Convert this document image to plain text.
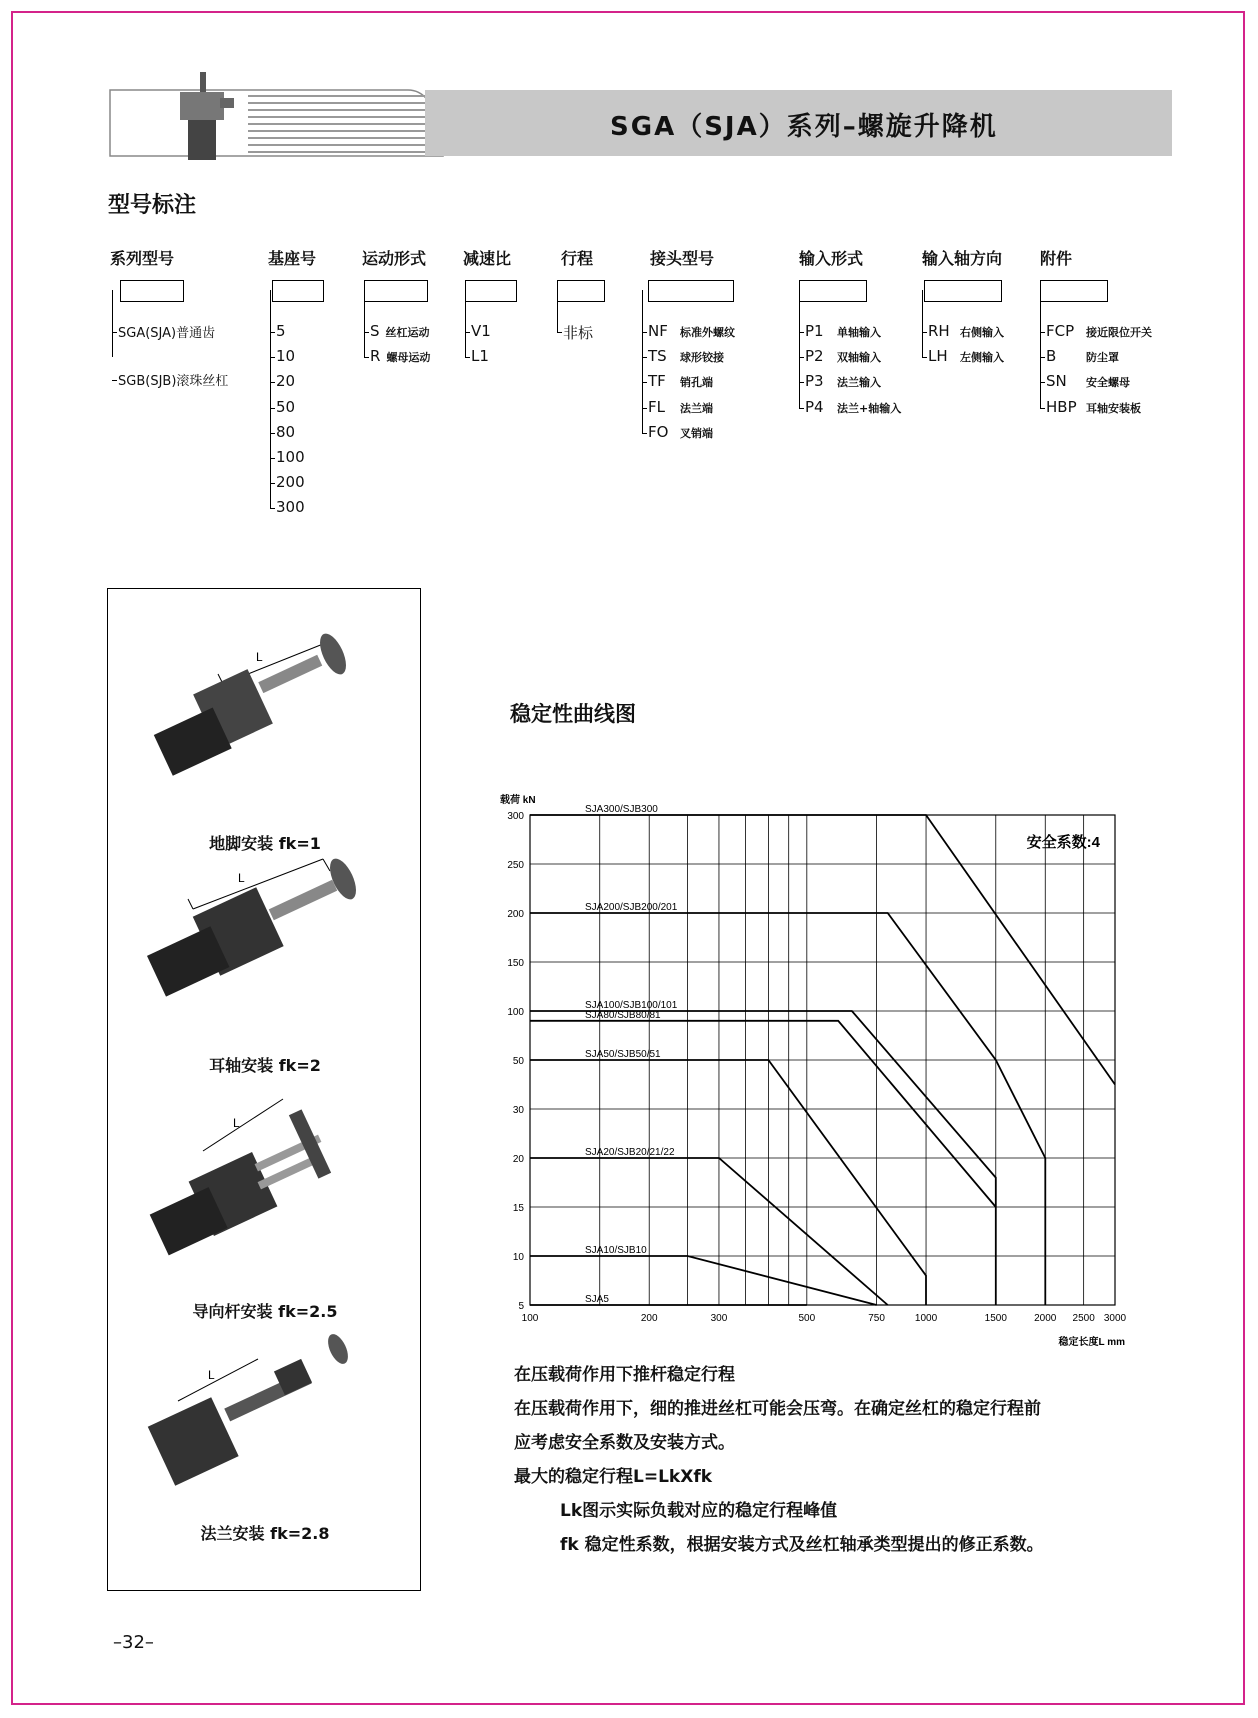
SGA（SJA）系列–螺旋升降机
型号标注
系列型号
SGA(SJA)普通齿
SGB(SJB)滚珠丝杠
基座号
5
10
20
50
80
100
200
300
运动形式
S 丝杠运动
R 螺母运动
减速比
V1
L1
行程
非标
接头型号
NF 标准外螺纹
TS 球形铰接
TF 销孔端
FL 法兰端
FO 叉销端
输入形式
P1 单轴输入
P2 双轴输入
P3 法兰输入
P4 法兰+轴输入
输入轴方向
RH 右侧输入
LH 左侧输入
附件
FCP 接近限位开关
B	防尘罩
SN 安全螺母
HBP 耳轴安装板
L
L
L
L
地脚安装 fk=1
耳轴安装 fk=2
导向杆安装 fk=2.5
法兰安装 fk=2.8
稳定性曲线图
5
10
15
20
30
50
100
150
200
250
300
100	200	300	500	750	1000	1500	2000 2500 3000
载荷 kN
稳定长度L mm
安全系数:4
SJA300/SJB300
SJA200/SJB200/201
SJA100/SJB100/101
SJA80/SJB80/81
SJA50/SJB50/51
SJA20/SJB20/21/22
SJA10/SJB10
SJA5
在压载荷作用下推杆稳定行程
在压载荷作用下，细的推进丝杠可能会压弯。在确定丝杠的稳定行程前
应考虑安全系数及安装方式。
最大的稳定行程L=LkXfk
Lk图示实际负载对应的稳定行程峰值
fk 稳定性系数，根据安装方式及丝杠轴承类型提出的修正系数。
–32–
